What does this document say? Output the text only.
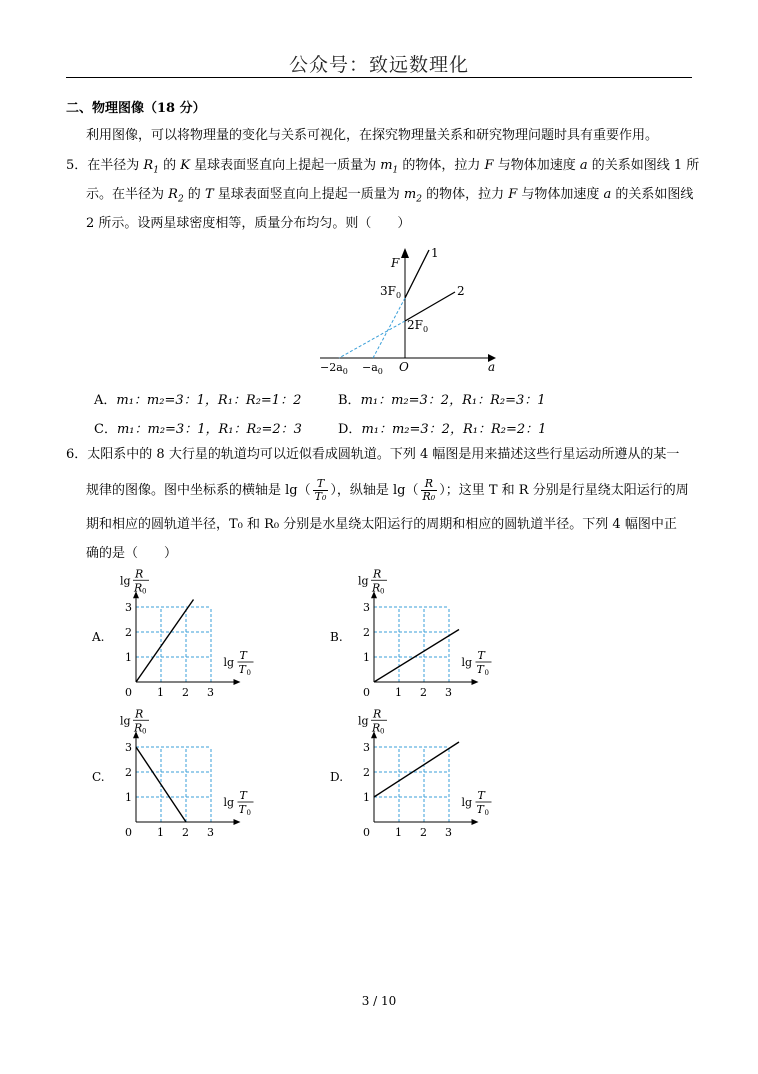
公众号：致远数理化
二、物理图像（18 分）
利用图像，可以将物理量的变化与关系可视化，在探究物理量关系和研究物理问题时具有重要作用。
5．在半径为 $R_1$ 的 K 星球表面竖直向上提起一质量为 $m_1$ 的物体，拉力 F 与物体加速度 a 的关系如图线 1 所
示。在半径为 $R_2$ 的 T 星球表面竖直向上提起一质量为 $m_2$ 的物体，拉力 F 与物体加速度 a 的关系如图线
2 所示。设两星球密度相等，质量分布均匀。则（　　）
F
a
O
1
2
$3F_0$
$2F_0$
$-2a_0 -a_0$
A．m₁：m₂=3：1，R₁：R₂=1：2	B．m₁：m₂=3：2，R₁：R₂=3：1
C．m₁：m₂=3：1，R₁：R₂=2：3	D．m₁：m₂=3：2，R₁：R₂=2：1
6．太阳系中的 8 大行星的轨道均可以近似看成圆轨道。下列 4 幅图是用来描述这些行星运动所遵从的某一
规律的图像。图中坐标系的横轴是 $\lg( \frac{T}{\text{T₀}}$ ），纵轴是 $\lg( \frac{R}{\text{R₀}}$ ）；这里 T 和 R 分别是行星绕太阳运行的周
期和相应的圆轨道半径，T₀ 和 R₀ 分别是水星绕太阳运行的周期和相应的圆轨道半径。下列 4 幅图中正
确的是（　　）
0 1 2 3
1
2
3
A.
lg
R
R 0
lg
T
T 0
0 1 2 3
1
2
3
B.
lg
R
R 0
lg
T
T 0
0 1 2 3
1
2
3
C.
lg
R
R 0
lg
T
T 0
0 1 2 3
1
2
3
D.
lg
R
R 0
lg
T
T 0
3 / 10
